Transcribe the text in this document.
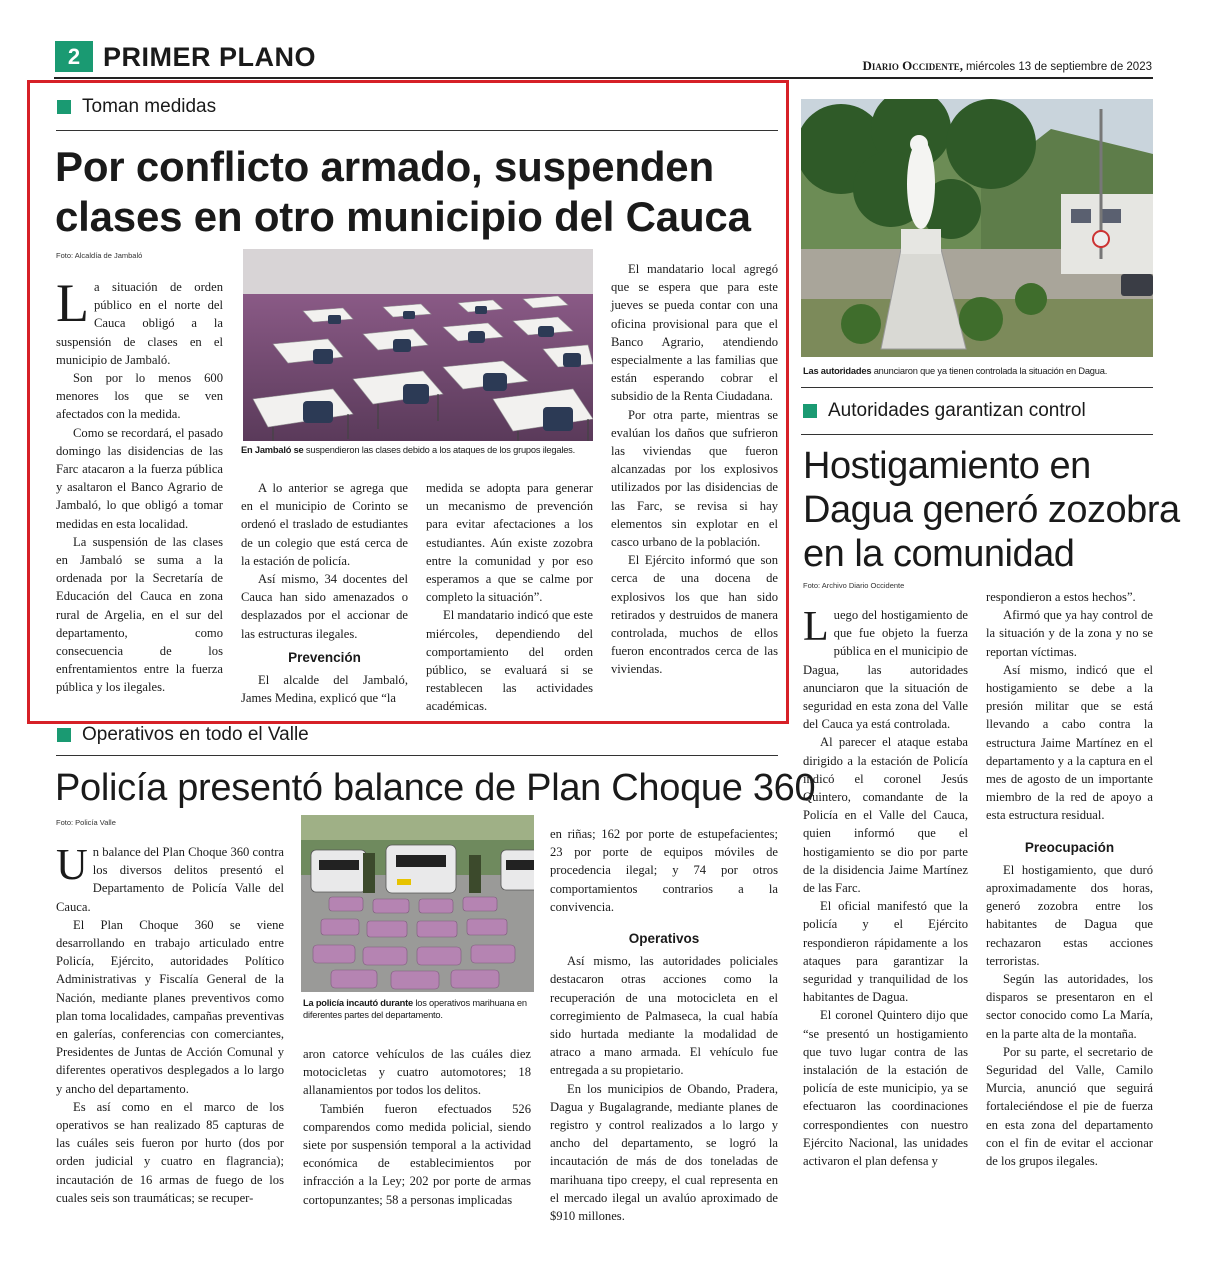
2 PRIMER PLANO	Diario Occidente, miércoles 13 de septiembre de 2023
Toman medidas
Por conflicto armado, suspenden
clases en otro municipio del Cauca
Foto: Alcaldía de Jambaló

La situación de orden público en el norte del Cauca obligó a la suspensión de clases en el municipio de Jambaló.

Son por lo menos 600 menores los que se ven afectados con la medida.

Como se recordará, el pasado domingo las disidencias de las Farc atacaron a la fuerza pública y asaltaron el Banco Agrario de Jambaló, lo que obligó a tomar medidas en esta localidad.

La suspensión de las clases en Jambaló se suma a la ordenada por la Secretaría de Educación del Cauca en zona rural de Argelia, en el sur del departamento, como consecuencia de los enfrentamientos entre la fuerza pública y los ilegales.

En Jambaló se suspendieron las clases debido a los ataques de los grupos ilegales.

A lo anterior se agrega que en el municipio de Corinto se ordenó el traslado de estudiantes de un colegio que está cerca de la estación de policía.

Así mismo, 34 docentes del Cauca han sido amenazados o desplazados por el accionar de las estructuras ilegales.

Prevención

El alcalde del Jambaló, James Medina, explicó que “la

medida se adopta para generar un mecanismo de prevención para evitar afectaciones a los estudiantes. Aún existe zozobra entre la comunidad y por eso esperamos a que se calme por completo la situación”.

El mandatario indicó que este miércoles, dependiendo del comportamiento del orden público, se evaluará si se restablecen las actividades académicas.

El mandatario local agregó que se espera que para este jueves se pueda contar con una oficina provisional para que el Banco Agrario, atendiendo especialmente a las familias que están esperando cobrar el subsidio de la Renta Ciudadana.

Por otra parte, mientras se evalúan los daños que sufrieron las viviendas que fueron alcanzadas por los explosivos utilizados por las disidencias de las Farc, se revisa si hay elementos sin explotar en el casco urbano de la población.

El Ejército informó que son cerca de una docena de explosivos los que han sido retirados y destruidos de manera controlada, muchos de ellos fueron encontrados cerca de las viviendas.

Operativos en todo el Valle
Policía presentó balance de Plan Choque 360
Foto: Policía Valle

Un balance del Plan Choque 360 contra los diversos delitos presentó el Departamento de Policía Valle del Cauca.

El Plan Choque 360 se viene desarrollando en trabajo articulado entre Policía, Ejército, autoridades Político Administrativas y Fiscalía General de la Nación, mediante planes preventivos como plan toma localidades, campañas preventivas en galerías, conferencias con comerciantes, Presidentes de Juntas de Acción Comunal y diferentes operativos desplegados a lo largo y ancho del departamento.

Es así como en el marco de los operativos se han realizado 85 capturas de las cuáles seis fueron por hurto (dos por orden judicial y cuatro en flagrancia); incautación de 16 armas de fuego de los cuales seis son traumáticas; se recuper-

La policía incautó durante los operativos marihuana en diferentes partes del departamento.

aron catorce vehículos de las cuáles diez motocicletas y cuatro automotores; 18 allanamientos por todos los delitos.

También fueron efectuados 526 comparendos como medida policial, siendo siete por suspensión temporal a la actividad económica de establecimientos por infracción a la Ley; 202 por porte de armas cortopunzantes; 58 a personas implicadas

en riñas; 162 por porte de estupefacientes; 23 por porte de equipos móviles de procedencia ilegal; y 74 por otros comportamientos contrarios a la convivencia.

Operativos

Así mismo, las autoridades policiales destacaron otras acciones como la recuperación de una motocicleta en el corregimiento de Palmaseca, la cual había sido hurtada mediante la modalidad de atraco a mano armada. El vehículo fue entregada a su propietario.

En los municipios de Obando, Pradera, Dagua y Bugalagrande, mediante planes de registro y control realizados a lo largo y ancho del departamento, se logró la incautación de más de dos toneladas de marihuana tipo creepy, el cual representa en el mercado ilegal un avalúo aproximado de $910 millones.

Las autoridades anunciaron que ya tienen controlada la situación en Dagua.
Autoridades garantizan control
Hostigamiento en
Dagua generó zozobra
en la comunidad
Foto: Archivo Diario Occidente

Luego del hostigamiento de que fue objeto la fuerza pública en el municipio de Dagua, las autoridades anunciaron que la situación de seguridad en esta zona del Valle del Cauca ya está controlada.

Al parecer el ataque estaba dirigido a la estación de Policía indicó el coronel Jesús Quintero, comandante de la Policía en el Valle del Cauca, quien informó que el hostigamiento se dio por parte de la disidencia Jaime Martínez de las Farc.

El oficial manifestó que la policía y el Ejército respondieron rápidamente a los ataques para garantizar la seguridad y tranquilidad de los habitantes de Dagua.

El coronel Quintero dijo que “se presentó un hostigamiento que tuvo lugar contra de las instalación de la estación de policía de este municipio, ya se efectuaron las coordinaciones correspondientes con nuestro Ejército Nacional, las unidades activaron el plan defensa y

respondieron a estos hechos”.

Afirmó que ya hay control de la situación y de la zona y no se reportan víctimas.

Así mismo, indicó que el hostigamiento se debe a la presión militar que se está llevando a cabo contra la estructura Jaime Martínez en el departamento y a la captura en el mes de agosto de un importante miembro de la red de apoyo a esta estructura residual.

Preocupación

El hostigamiento, que duró aproximadamente dos horas, generó zozobra entre los habitantes de Dagua que rechazaron estas acciones terroristas.

Según las autoridades, los disparos se presentaron en el sector conocido como La María, en la parte alta de la montaña.

Por su parte, el secretario de Seguridad del Valle, Camilo Murcia, anunció que seguirá fortaleciéndose el pie de fuerza en esta zona del departamento con el fin de evitar el accionar de los grupos ilegales.
